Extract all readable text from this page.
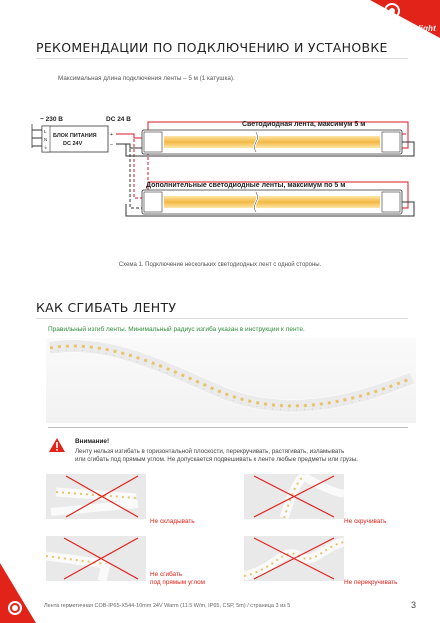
arlight
РЕКОМЕНДАЦИИ ПО ПОДКЛЮЧЕНИЮ И УСТАНОВКЕ
Максимальная длина подключения ленты – 5 м (1 катушка).
~ 230 В	DC 24 В
L
N
⏚
БЛОК ПИТАНИЯ
DC 24V
+
–
Светодиодная лента, максимум 5 м
Дополнительные светодиодные ленты, максимум по 5 м
Схема 1. Подключение нескольких светодиодных лент с одной стороны.
КАК СГИБАТЬ ЛЕНТУ
Правильный изгиб ленты. Минимальный радиус изгиба указан в инструкции к ленте.
Внимание!
Ленту нельзя изгибать в горизонтальной плоскости, перекручивать, растягивать, изламывать
или сгибать под прямым углом. Не допускается подвешивать к ленте любые предметы или грузы.
Не складывать	Не скручивать
Не сгибать
под прямым углом	Не перекручивать
Лента герметичная COB-IP65-X544-10mm 24V Warm (11.5 W/m, IP65, CSP, 5m) / страница 3 из 5	3
